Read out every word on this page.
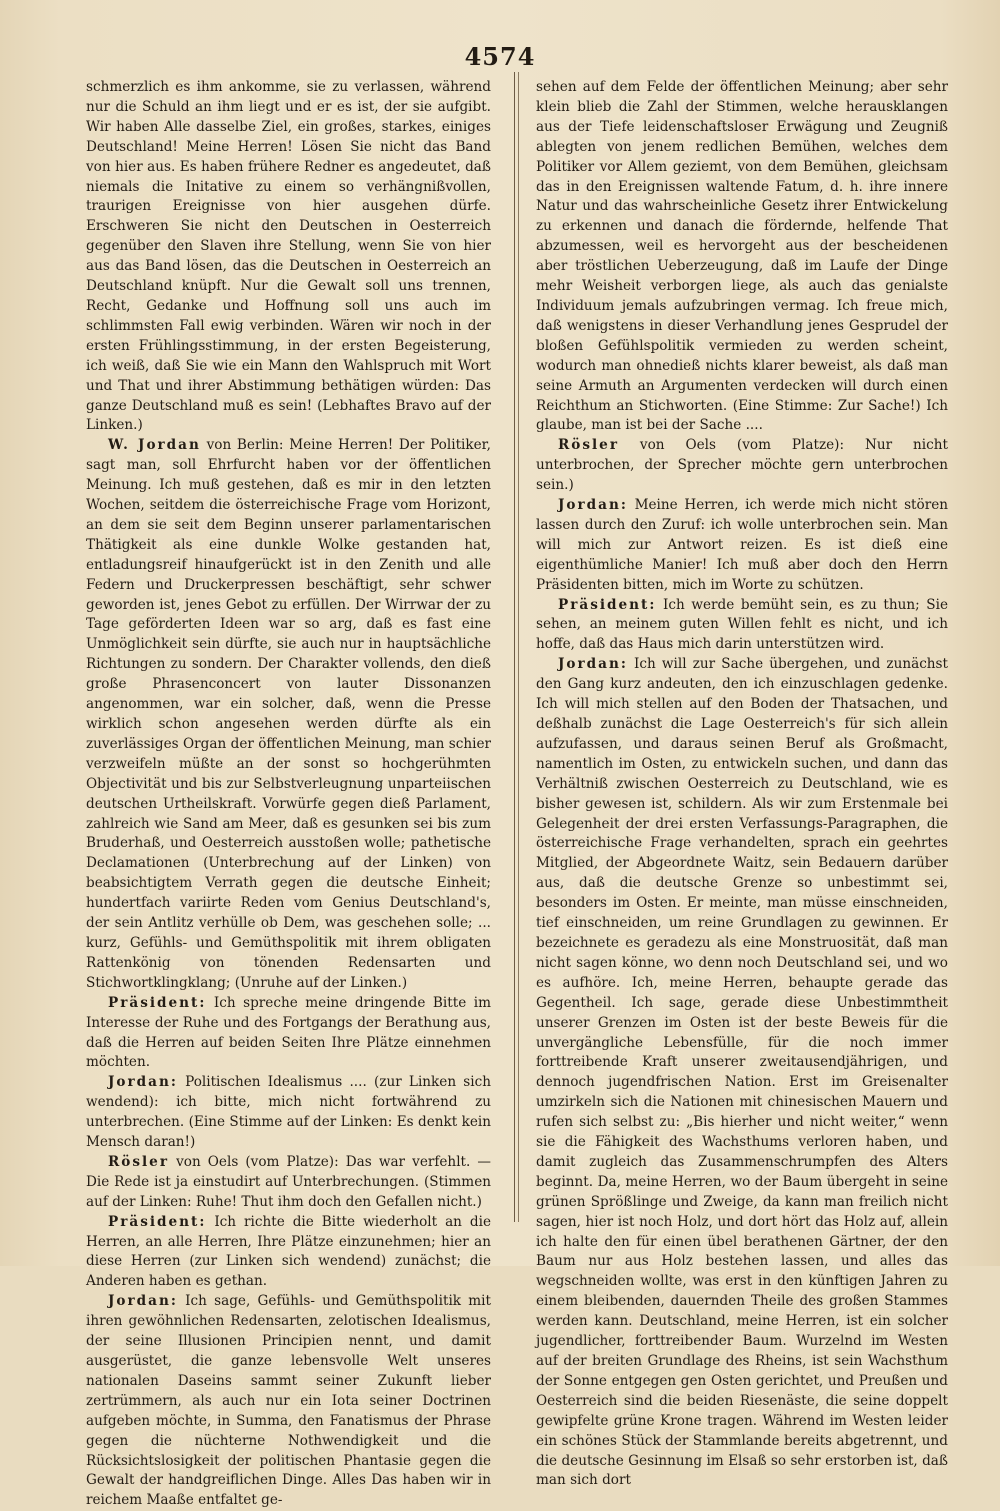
4574

schmerzlich es ihm ankomme, sie zu verlassen, während nur die Schuld an ihm liegt und er es ist, der sie aufgibt. Wir haben Alle dasselbe Ziel, ein großes, starkes, einiges Deutschland! Meine Herren! Lösen Sie nicht das Band von hier aus. Es haben frühere Redner es angedeutet, daß niemals die Initative zu einem so verhängnißvollen, traurigen Ereignisse von hier ausgehen dürfe. Erschweren Sie nicht den Deutschen in Oesterreich gegenüber den Slaven ihre Stellung, wenn Sie von hier aus das Band lösen, das die Deutschen in Oesterreich an Deutschland knüpft. Nur die Gewalt soll uns trennen, Recht, Gedanke und Hoffnung soll uns auch im schlimmsten Fall ewig verbinden. Wären wir noch in der ersten Frühlingsstimmung, in der ersten Begeisterung, ich weiß, daß Sie wie ein Mann den Wahlspruch mit Wort und That und ihrer Abstimmung bethätigen würden: Das ganze Deutschland muß es sein! (Lebhaftes Bravo auf der Linken.)

W. Jordan von Berlin: Meine Herren! Der Politiker, sagt man, soll Ehrfurcht haben vor der öffentlichen Meinung. Ich muß gestehen, daß es mir in den letzten Wochen, seitdem die österreichische Frage vom Horizont, an dem sie seit dem Beginn unserer parlamentarischen Thätigkeit als eine dunkle Wolke gestanden hat, entladungsreif hinaufgerückt ist in den Zenith und alle Federn und Druckerpressen beschäftigt, sehr schwer geworden ist, jenes Gebot zu erfüllen. Der Wirrwar der zu Tage geförderten Ideen war so arg, daß es fast eine Unmöglichkeit sein dürfte, sie auch nur in hauptsächliche Richtungen zu sondern. Der Charakter vollends, den dieß große Phrasenconcert von lauter Dissonanzen angenommen, war ein solcher, daß, wenn die Presse wirklich schon angesehen werden dürfte als ein zuverlässiges Organ der öffentlichen Meinung, man schier verzweifeln müßte an der sonst so hochgerühmten Objectivität und bis zur Selbstverleugnung unparteiischen deutschen Urtheilskraft. Vorwürfe gegen dieß Parlament, zahlreich wie Sand am Meer, daß es gesunken sei bis zum Bruderhaß, und Oesterreich ausstoßen wolle; pathetische Declamationen (Unterbrechung auf der Linken) von beabsichtigtem Verrath gegen die deutsche Einheit; hundertfach variirte Reden vom Genius Deutschland's, der sein Antlitz verhülle ob Dem, was geschehen solle; ... kurz, Gefühls- und Gemüthspolitik mit ihrem obligaten Rattenkönig von tönenden Redensarten und Stichwortklingklang; (Unruhe auf der Linken.)

Präsident: Ich spreche meine dringende Bitte im Interesse der Ruhe und des Fortgangs der Berathung aus, daß die Herren auf beiden Seiten Ihre Plätze einnehmen möchten.

Jordan: Politischen Idealismus .... (zur Linken sich wendend): ich bitte, mich nicht fortwährend zu unterbrechen. (Eine Stimme auf der Linken: Es denkt kein Mensch daran!)

Rösler von Oels (vom Platze): Das war verfehlt. — Die Rede ist ja einstudirt auf Unterbrechungen. (Stimmen auf der Linken: Ruhe! Thut ihm doch den Gefallen nicht.)

Präsident: Ich richte die Bitte wiederholt an die Herren, an alle Herren, Ihre Plätze einzunehmen; hier an diese Herren (zur Linken sich wendend) zunächst; die Anderen haben es gethan.

Jordan: Ich sage, Gefühls- und Gemüthspolitik mit ihren gewöhnlichen Redensarten, zelotischen Idealismus, der seine Illusionen Principien nennt, und damit ausgerüstet, die ganze lebensvolle Welt unseres nationalen Daseins sammt seiner Zukunft lieber zertrümmern, als auch nur ein Iota seiner Doctrinen aufgeben möchte, in Summa, den Fanatismus der Phrase gegen die nüchterne Nothwendigkeit und die Rücksichtslosigkeit der politischen Phantasie gegen die Gewalt der handgreiflichen Dinge. Alles Das haben wir in reichem Maaße entfaltet ge-

sehen auf dem Felde der öffentlichen Meinung; aber sehr klein blieb die Zahl der Stimmen, welche herausklangen aus der Tiefe leidenschaftsloser Erwägung und Zeugniß ablegten von jenem redlichen Bemühen, welches dem Politiker vor Allem geziemt, von dem Bemühen, gleichsam das in den Ereignissen waltende Fatum, d. h. ihre innere Natur und das wahrscheinliche Gesetz ihrer Entwickelung zu erkennen und danach die fördernde, helfende That abzumessen, weil es hervorgeht aus der bescheidenen aber tröstlichen Ueberzeugung, daß im Laufe der Dinge mehr Weisheit verborgen liege, als auch das genialste Individuum jemals aufzubringen vermag. Ich freue mich, daß wenigstens in dieser Verhandlung jenes Gesprudel der bloßen Gefühlspolitik vermieden zu werden scheint, wodurch man ohnedieß nichts klarer beweist, als daß man seine Armuth an Argumenten verdecken will durch einen Reichthum an Stichworten. (Eine Stimme: Zur Sache!) Ich glaube, man ist bei der Sache ....

Rösler von Oels (vom Platze): Nur nicht unterbrochen, der Sprecher möchte gern unterbrochen sein.)

Jordan: Meine Herren, ich werde mich nicht stören lassen durch den Zuruf: ich wolle unterbrochen sein. Man will mich zur Antwort reizen. Es ist dieß eine eigenthümliche Manier! Ich muß aber doch den Herrn Präsidenten bitten, mich im Worte zu schützen.

Präsident: Ich werde bemüht sein, es zu thun; Sie sehen, an meinem guten Willen fehlt es nicht, und ich hoffe, daß das Haus mich darin unterstützen wird.

Jordan: Ich will zur Sache übergehen, und zunächst den Gang kurz andeuten, den ich einzuschlagen gedenke. Ich will mich stellen auf den Boden der Thatsachen, und deßhalb zunächst die Lage Oesterreich's für sich allein aufzufassen, und daraus seinen Beruf als Großmacht, namentlich im Osten, zu entwickeln suchen, und dann das Verhältniß zwischen Oesterreich zu Deutschland, wie es bisher gewesen ist, schildern. Als wir zum Erstenmale bei Gelegenheit der drei ersten Verfassungs-Paragraphen, die österreichische Frage verhandelten, sprach ein geehrtes Mitglied, der Abgeordnete Waitz, sein Bedauern darüber aus, daß die deutsche Grenze so unbestimmt sei, besonders im Osten. Er meinte, man müsse einschneiden, tief einschneiden, um reine Grundlagen zu gewinnen. Er bezeichnete es geradezu als eine Monstruosität, daß man nicht sagen könne, wo denn noch Deutschland sei, und wo es aufhöre. Ich, meine Herren, behaupte gerade das Gegentheil. Ich sage, gerade diese Unbestimmtheit unserer Grenzen im Osten ist der beste Beweis für die unvergängliche Lebensfülle, für die noch immer forttreibende Kraft unserer zweitausendjährigen, und dennoch jugendfrischen Nation. Erst im Greisenalter umzirkeln sich die Nationen mit chinesischen Mauern und rufen sich selbst zu: „Bis hierher und nicht weiter,“ wenn sie die Fähigkeit des Wachsthums verloren haben, und damit zugleich das Zusammenschrumpfen des Alters beginnt. Da, meine Herren, wo der Baum übergeht in seine grünen Sprößlinge und Zweige, da kann man freilich nicht sagen, hier ist noch Holz, und dort hört das Holz auf, allein ich halte den für einen übel berathenen Gärtner, der den Baum nur aus Holz bestehen lassen, und alles das wegschneiden wollte, was erst in den künftigen Jahren zu einem bleibenden, dauernden Theile des großen Stammes werden kann. Deutschland, meine Herren, ist ein solcher jugendlicher, forttreibender Baum. Wurzelnd im Westen auf der breiten Grundlage des Rheins, ist sein Wachsthum der Sonne entgegen gen Osten gerichtet, und Preußen und Oesterreich sind die beiden Riesenäste, die seine doppelt gewipfelte grüne Krone tragen. Während im Westen leider ein schönes Stück der Stammlande bereits abgetrennt, und die deutsche Gesinnung im Elsaß so sehr erstorben ist, daß man sich dort
